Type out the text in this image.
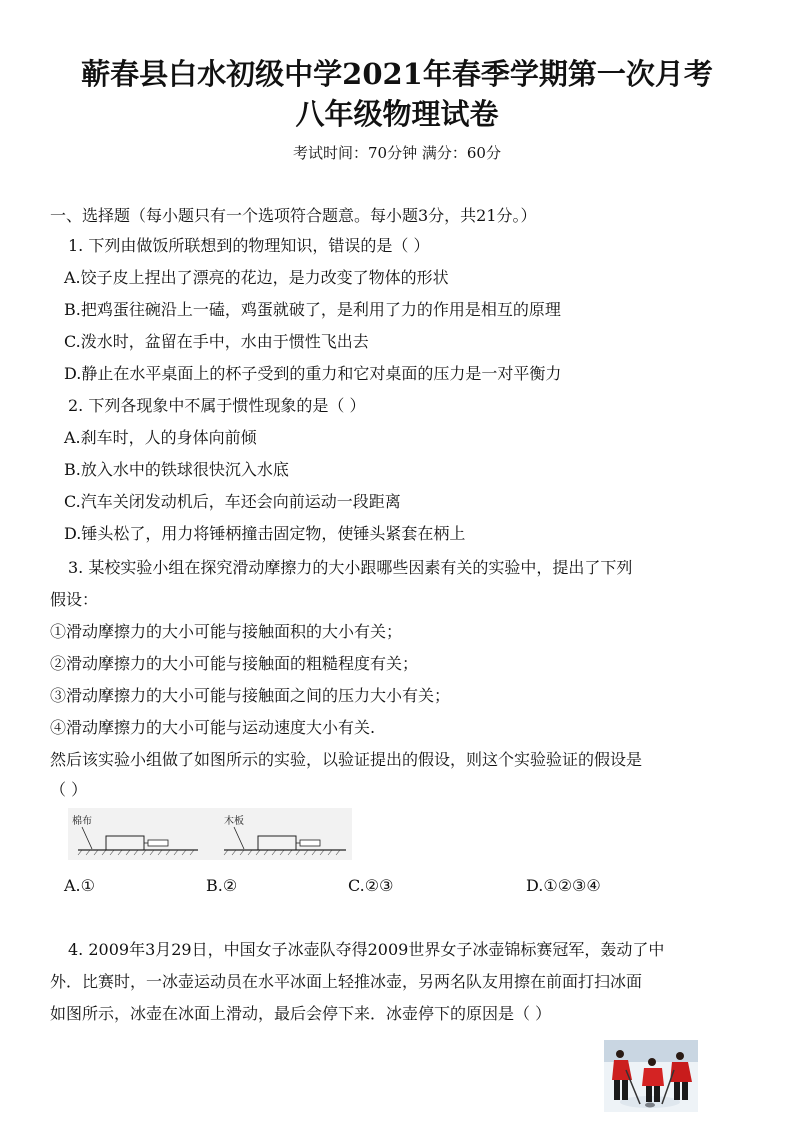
蕲春县白水初级中学2021年春季学期第一次月考
八年级物理试卷
考试时间：70分钟 满分：60分
一、选择题（每小题只有一个选项符合题意。每小题3分，共21分。）
1. 下列由做饭所联想到的物理知识，错误的是（ ）
A.饺子皮上捏出了漂亮的花边，是力改变了物体的形状
B.把鸡蛋往碗沿上一磕，鸡蛋就破了，是利用了力的作用是相互的原理
C.泼水时，盆留在手中，水由于惯性飞出去
D.静止在水平桌面上的杯子受到的重力和它对桌面的压力是一对平衡力
2. 下列各现象中不属于惯性现象的是（ ）
A.刹车时，人的身体向前倾
B.放入水中的铁球很快沉入水底
C.汽车关闭发动机后，车还会向前运动一段距离
D.锤头松了，用力将锤柄撞击固定物，使锤头紧套在柄上
3. 某校实验小组在探究滑动摩擦力的大小跟哪些因素有关的实验中，提出了下列
假设：
①滑动摩擦力的大小可能与接触面积的大小有关；
②滑动摩擦力的大小可能与接触面的粗糙程度有关；
③滑动摩擦力的大小可能与接触面之间的压力大小有关；
④滑动摩擦力的大小可能与运动速度大小有关.
然后该实验小组做了如图所示的实验，以验证提出的假设，则这个实验验证的假设是
（ ）
棉布	木板
A.①	B.②	C.②③	D.①②③④
4. 2009年3月29日，中国女子冰壶队夺得2009世界女子冰壶锦标赛冠军，轰动了中
外．比赛时，一冰壶运动员在水平冰面上轻推冰壶，另两名队友用擦在前面打扫冰面
如图所示，冰壶在冰面上滑动，最后会停下来．冰壶停下的原因是（ ）
